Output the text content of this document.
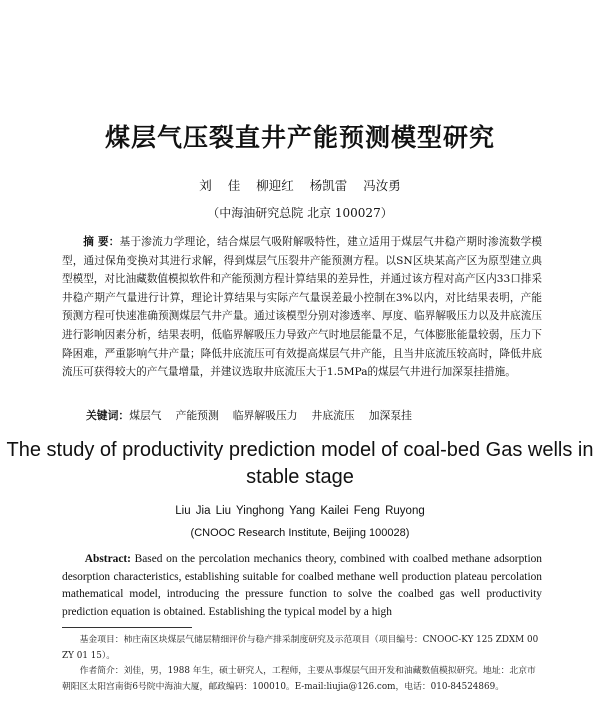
煤层气压裂直井产能预测模型研究
刘 佳 柳迎红 杨凯雷 冯汝勇
（中海油研究总院 北京 100027）
摘 要：基于渗流力学理论，结合煤层气吸附解吸特性，建立适用于煤层气井稳产期时渗流数学模型，通过保角变换对其进行求解，得到煤层气压裂井产能预测方程。以SN区块某高产区为原型建立典型模型，对比油藏数值模拟软件和产能预测方程计算结果的差异性，并通过该方程对高产区内33口排采井稳产期产气量进行计算，理论计算结果与实际产气量误差最小控制在3%以内，对比结果表明，产能预测方程可快速准确预测煤层气井产量。通过该模型分别对渗透率、厚度、临界解吸压力以及井底流压进行影响因素分析，结果表明，低临界解吸压力导致产气时地层能量不足，气体膨胀能量较弱，压力下降困难，严重影响气井产量；降低井底流压可有效提高煤层气井产能，且当井底流压较高时，降低井底流压可获得较大的产气量增量，并建议选取井底流压大于1.5MPa的煤层气井进行加深泵挂措施。
关键词：煤层气 产能预测 临界解吸压力 井底流压 加深泵挂
The study of productivity prediction model of coal-bed Gas wells in stable stage
Liu Jia Liu Yinghong Yang Kailei Feng Ruyong
(CNOOC Research Institute, Beijing 100028)
Abstract: Based on the percolation mechanics theory, combined with coalbed methane adsorption desorption characteristics, establishing suitable for coalbed methane well production plateau percolation mathematical model, introducing the pressure function to solve the coalbed gas well productivity prediction equation is obtained. Establishing the typical model by a high

基金项目：柿庄南区块煤层气储层精细评价与稳产排采制度研究及示范项目（项目编号：CNOOC-KY 125 ZDXM 00 ZY 01 15）。

作者简介：刘佳，男，1988 年生，硕士研究人，工程师，主要从事煤层气田开发和油藏数值模拟研究。地址：北京市朝阳区太阳宫南街6号院中海油大厦，邮政编码：100010。E-mail:liujia@126.com，电话：010-84524869。
